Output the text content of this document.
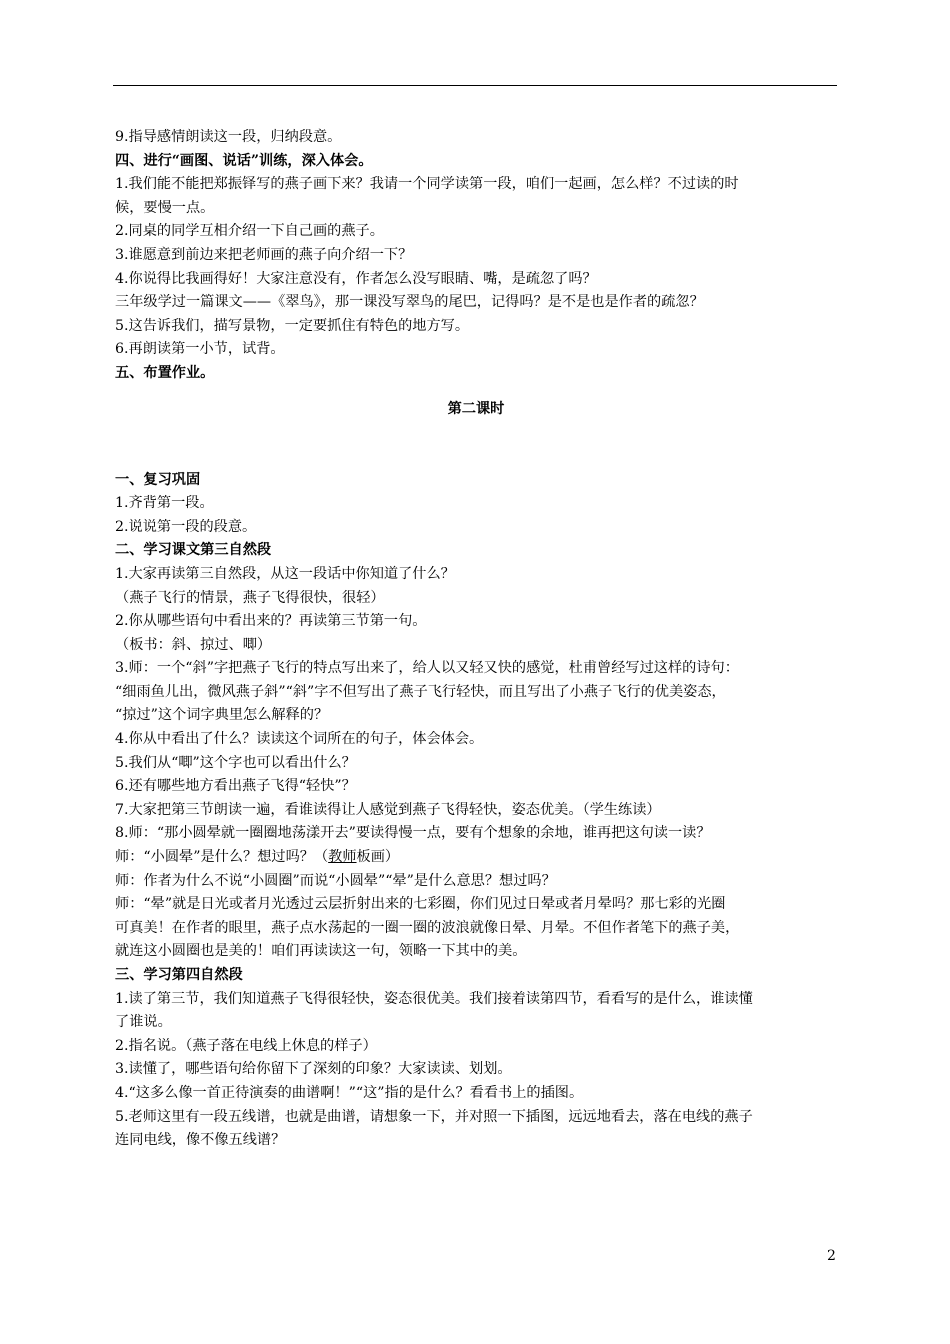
9.指导感情朗读这一段，归纳段意。
四、进行“画图、说话”训练，深入体会。
1.我们能不能把郑振铎写的燕子画下来？我请一个同学读第一段，咱们一起画，怎么样？不过读的时
候，要慢一点。
2.同桌的同学互相介绍一下自己画的燕子。
3.谁愿意到前边来把老师画的燕子向介绍一下？
4.你说得比我画得好！大家注意没有，作者怎么没写眼睛、嘴，是疏忽了吗？
三年级学过一篇课文——《翠鸟》，那一课没写翠鸟的尾巴，记得吗？是不是也是作者的疏忽？
5.这告诉我们，描写景物，一定要抓住有特色的地方写。
6.再朗读第一小节，试背。
五、布置作业。
第二课时
一、复习巩固
1.齐背第一段。
2.说说第一段的段意。
二、学习课文第三自然段
1.大家再读第三自然段，从这一段话中你知道了什么？
（燕子飞行的情景，燕子飞得很快，很轻）
2.你从哪些语句中看出来的？再读第三节第一句。
（板书：斜、掠过、唧）
3.师：一个“斜”字把燕子飞行的特点写出来了，给人以又轻又快的感觉，杜甫曾经写过这样的诗句：
“细雨鱼儿出，微风燕子斜”“斜”字不但写出了燕子飞行轻快，而且写出了小燕子飞行的优美姿态，
“掠过”这个词字典里怎么解释的？
4.你从中看出了什么？读读这个词所在的句子，体会体会。
5.我们从“唧”这个字也可以看出什么？
6.还有哪些地方看出燕子飞得“轻快”？
7.大家把第三节朗读一遍，看谁读得让人感觉到燕子飞得轻快，姿态优美。（学生练读）
8.师：“那小圆晕就一圈圈地荡漾开去”要读得慢一点，要有个想象的余地，谁再把这句读一读？
师：“小圆晕”是什么？想过吗？（教师板画）
师：作者为什么不说“小圆圈”而说“小圆晕”“晕”是什么意思？想过吗？
师：“晕”就是日光或者月光透过云层折射出来的七彩圈，你们见过日晕或者月晕吗？那七彩的光圈
可真美！在作者的眼里，燕子点水荡起的一圈一圈的波浪就像日晕、月晕。不但作者笔下的燕子美，
就连这小圆圈也是美的！咱们再读读这一句，领略一下其中的美。
三、学习第四自然段
1.读了第三节，我们知道燕子飞得很轻快，姿态很优美。我们接着读第四节，看看写的是什么，谁读懂
了谁说。
2.指名说。（燕子落在电线上休息的样子）
3.读懂了，哪些语句给你留下了深刻的印象？大家读读、划划。
4.“这多么像一首正待演奏的曲谱啊！”“这”指的是什么？看看书上的插图。
5.老师这里有一段五线谱，也就是曲谱，请想象一下，并对照一下插图，远远地看去，落在电线的燕子
连同电线，像不像五线谱？
2
